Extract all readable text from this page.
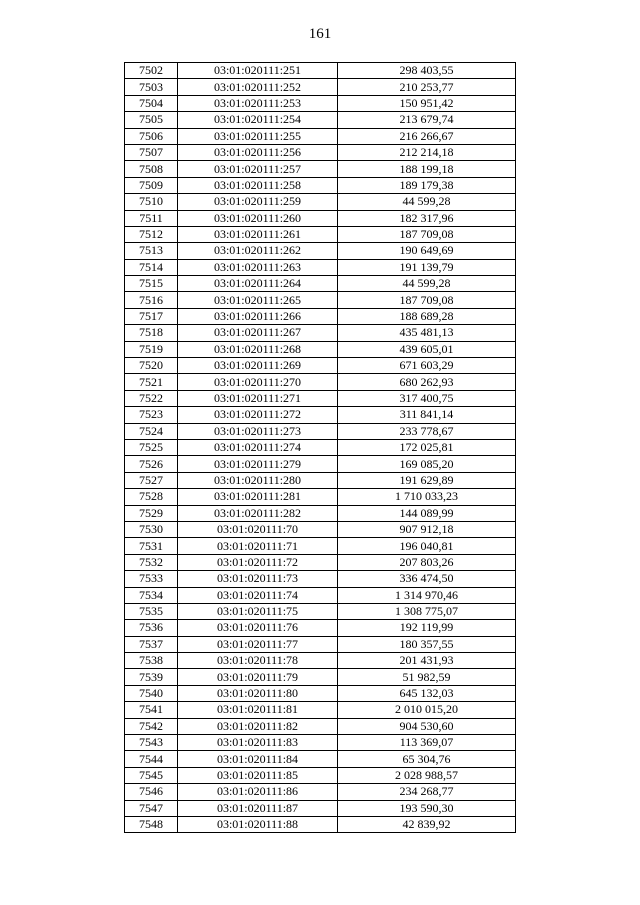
161
7502	03:01:020111:251	298 403,55
7503	03:01:020111:252	210 253,77
7504	03:01:020111:253	150 951,42
7505	03:01:020111:254	213 679,74
7506	03:01:020111:255	216 266,67
7507	03:01:020111:256	212 214,18
7508	03:01:020111:257	188 199,18
7509	03:01:020111:258	189 179,38
7510	03:01:020111:259	44 599,28
7511	03:01:020111:260	182 317,96
7512	03:01:020111:261	187 709,08
7513	03:01:020111:262	190 649,69
7514	03:01:020111:263	191 139,79
7515	03:01:020111:264	44 599,28
7516	03:01:020111:265	187 709,08
7517	03:01:020111:266	188 689,28
7518	03:01:020111:267	435 481,13
7519	03:01:020111:268	439 605,01
7520	03:01:020111:269	671 603,29
7521	03:01:020111:270	680 262,93
7522	03:01:020111:271	317 400,75
7523	03:01:020111:272	311 841,14
7524	03:01:020111:273	233 778,67
7525	03:01:020111:274	172 025,81
7526	03:01:020111:279	169 085,20
7527	03:01:020111:280	191 629,89
7528	03:01:020111:281	1 710 033,23
7529	03:01:020111:282	144 089,99
7530	03:01:020111:70	907 912,18
7531	03:01:020111:71	196 040,81
7532	03:01:020111:72	207 803,26
7533	03:01:020111:73	336 474,50
7534	03:01:020111:74	1 314 970,46
7535	03:01:020111:75	1 308 775,07
7536	03:01:020111:76	192 119,99
7537	03:01:020111:77	180 357,55
7538	03:01:020111:78	201 431,93
7539	03:01:020111:79	51 982,59
7540	03:01:020111:80	645 132,03
7541	03:01:020111:81	2 010 015,20
7542	03:01:020111:82	904 530,60
7543	03:01:020111:83	113 369,07
7544	03:01:020111:84	65 304,76
7545	03:01:020111:85	2 028 988,57
7546	03:01:020111:86	234 268,77
7547	03:01:020111:87	193 590,30
7548	03:01:020111:88	42 839,92
